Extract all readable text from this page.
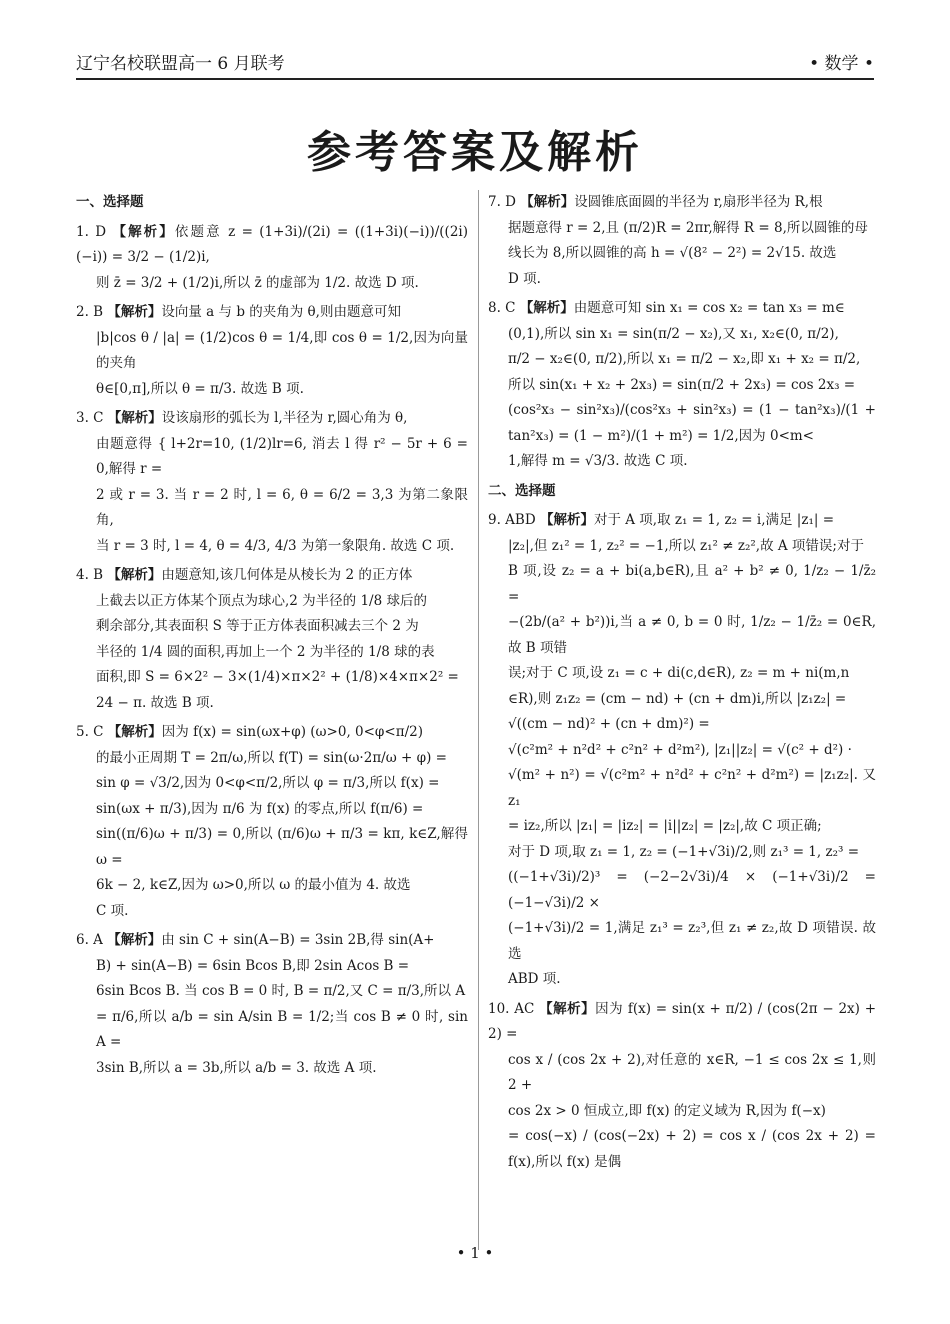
辽宁名校联盟高一 6 月联考	• 数学 •
参考答案及解析
一、选择题
1. D 【解析】依题意 z = (1+3i)/(2i) = ((1+3i)(−i))/((2i)(−i)) = 3/2 − (1/2)i,
则 z̄ = 3/2 + (1/2)i,所以 z̄ 的虚部为 1/2. 故选 D 项.
2. B 【解析】设向量 a 与 b 的夹角为 θ,则由题意可知
|b|cos θ / |a| = (1/2)cos θ = 1/4,即 cos θ = 1/2,因为向量的夹角
θ∈[0,π],所以 θ = π/3. 故选 B 项.
3. C 【解析】设该扇形的弧长为 l,半径为 r,圆心角为 θ,
由题意得 { l+2r=10, (1/2)lr=6, 消去 l 得 r² − 5r + 6 = 0,解得 r =
2 或 r = 3. 当 r = 2 时, l = 6, θ = 6/2 = 3,3 为第二象限角,
当 r = 3 时, l = 4, θ = 4/3, 4/3 为第一象限角. 故选 C 项.
4. B 【解析】由题意知,该几何体是从棱长为 2 的正方体
上截去以正方体某个顶点为球心,2 为半径的 1/8 球后的
剩余部分,其表面积 S 等于正方体表面积减去三个 2 为
半径的 1/4 圆的面积,再加上一个 2 为半径的 1/8 球的表
面积,即 S = 6×2² − 3×(1/4)×π×2² + (1/8)×4×π×2² =
24 − π. 故选 B 项.
5. C 【解析】因为 f(x) = sin(ωx+φ) (ω>0, 0<φ<π/2)
的最小正周期 T = 2π/ω,所以 f(T) = sin(ω·2π/ω + φ) =
sin φ = √3/2,因为 0<φ<π/2,所以 φ = π/3,所以 f(x) =
sin(ωx + π/3),因为 π/6 为 f(x) 的零点,所以 f(π/6) =
sin((π/6)ω + π/3) = 0,所以 (π/6)ω + π/3 = kπ, k∈Z,解得 ω =
6k − 2, k∈Z,因为 ω>0,所以 ω 的最小值为 4. 故选
C 项.
6. A 【解析】由 sin C + sin(A−B) = 3sin 2B,得 sin(A+
B) + sin(A−B) = 6sin Bcos B,即 2sin Acos B =
6sin Bcos B. 当 cos B = 0 时, B = π/2,又 C = π/3,所以 A
= π/6,所以 a/b = sin A/sin B = 1/2;当 cos B ≠ 0 时, sin A =
3sin B,所以 a = 3b,所以 a/b = 3. 故选 A 项.
7. D 【解析】设圆锥底面圆的半径为 r,扇形半径为 R,根
据题意得 r = 2,且 (π/2)R = 2πr,解得 R = 8,所以圆锥的母
线长为 8,所以圆锥的高 h = √(8² − 2²) = 2√15. 故选
D 项.
8. C 【解析】由题意可知 sin x₁ = cos x₂ = tan x₃ = m∈
(0,1),所以 sin x₁ = sin(π/2 − x₂),又 x₁, x₂∈(0, π/2),
π/2 − x₂∈(0, π/2),所以 x₁ = π/2 − x₂,即 x₁ + x₂ = π/2,
所以 sin(x₁ + x₂ + 2x₃) = sin(π/2 + 2x₃) = cos 2x₃ =
(cos²x₃ − sin²x₃)/(cos²x₃ + sin²x₃) = (1 − tan²x₃)/(1 + tan²x₃) = (1 − m²)/(1 + m²) = 1/2,因为 0<m<
1,解得 m = √3/3. 故选 C 项.
二、选择题
9. ABD 【解析】对于 A 项,取 z₁ = 1, z₂ = i,满足 |z₁| =
|z₂|,但 z₁² = 1, z₂² = −1,所以 z₁² ≠ z₂²,故 A 项错误;对于
B 项,设 z₂ = a + bi(a,b∈R),且 a² + b² ≠ 0, 1/z₂ − 1/z̄₂ =
−(2b/(a² + b²))i,当 a ≠ 0, b = 0 时, 1/z₂ − 1/z̄₂ = 0∈R,故 B 项错
误;对于 C 项,设 z₁ = c + di(c,d∈R), z₂ = m + ni(m,n
∈R),则 z₁z₂ = (cm − nd) + (cn + dm)i,所以 |z₁z₂| =
√((cm − nd)² + (cn + dm)²) =
√(c²m² + n²d² + c²n² + d²m²), |z₁||z₂| = √(c² + d²) ·
√(m² + n²) = √(c²m² + n²d² + c²n² + d²m²) = |z₁z₂|. 又 z₁
= iz₂,所以 |z₁| = |iz₂| = |i||z₂| = |z₂|,故 C 项正确;
对于 D 项,取 z₁ = 1, z₂ = (−1+√3i)/2,则 z₁³ = 1, z₂³ =
((−1+√3i)/2)³ = (−2−2√3i)/4 × (−1+√3i)/2 = (−1−√3i)/2 ×
(−1+√3i)/2 = 1,满足 z₁³ = z₂³,但 z₁ ≠ z₂,故 D 项错误. 故选
ABD 项.
10. AC 【解析】因为 f(x) = sin(x + π/2) / (cos(2π − 2x) + 2) =
cos x / (cos 2x + 2),对任意的 x∈R, −1 ≤ cos 2x ≤ 1,则 2 +
cos 2x > 0 恒成立,即 f(x) 的定义域为 R,因为 f(−x)
= cos(−x) / (cos(−2x) + 2) = cos x / (cos 2x + 2) = f(x),所以 f(x) 是偶
• 1 •
